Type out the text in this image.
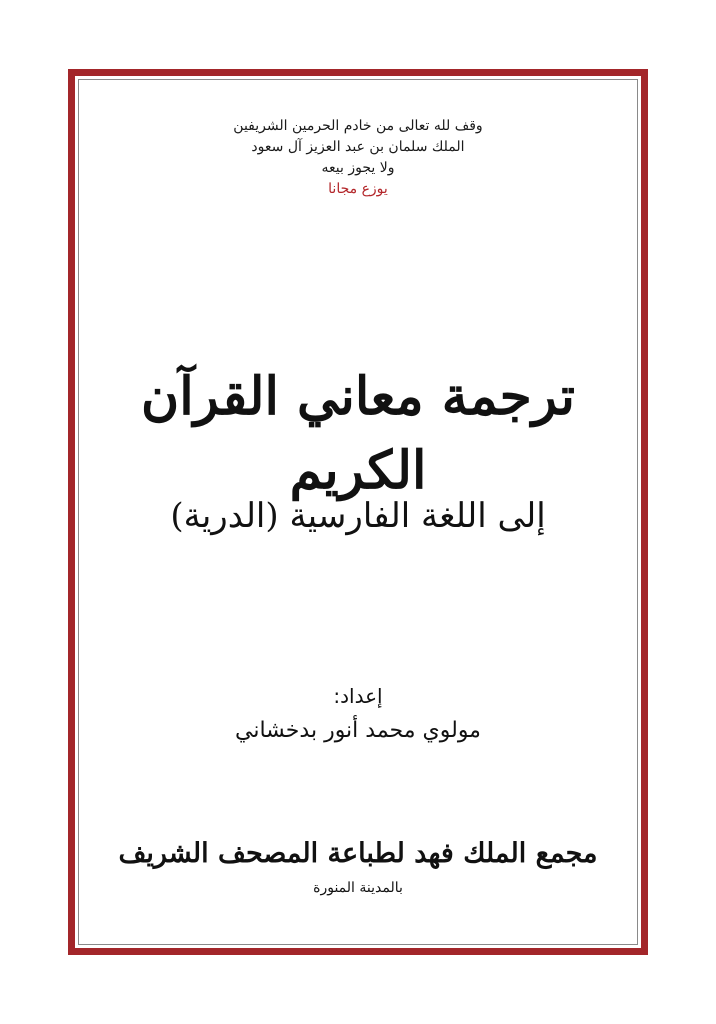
وقف لله تعالى من خادم الحرمين الشريفين
الملك سلمان بن عبد العزيز آل سعود
ولا يجوز بيعه
يوزع مجانا
ترجمة معاني القرآن الكريم
إلى اللغة الفارسية (الدرية)
إعداد:
مولوي محمد أنور بدخشاني
مجمع الملك فهد لطباعة المصحف الشريف
بالمدينة المنورة
